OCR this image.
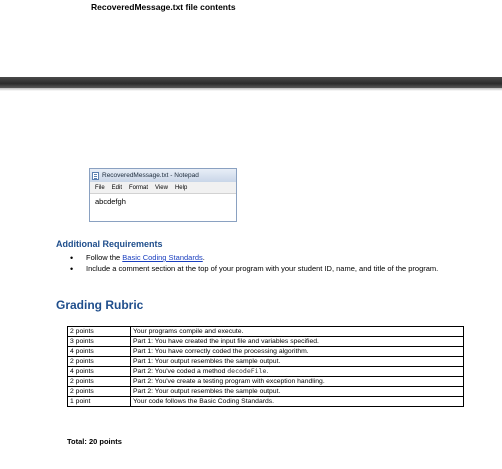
RecoveredMessage.txt file contents
RecoveredMessage.txt - Notepad
File Edit Format View Help
abcdefgh
Additional Requirements
• Follow the Basic Coding Standards.
• Include a comment section at the top of your program with your student ID, name, and title of the program.
Grading Rubric
2 points	Your programs compile and execute.
3 points	Part 1: You have created the input file and variables specified.
4 points	Part 1: You have correctly coded the processing algorithm.
2 points	Part 1: Your output resembles the sample output.
4 points	Part 2: You've coded a method decodeFile.
2 points	Part 2: You've create a testing program with exception handling.
2 points	Part 2: Your output resembles the sample output.
1 point	Your code follows the Basic Coding Standards.
Total: 20 points
